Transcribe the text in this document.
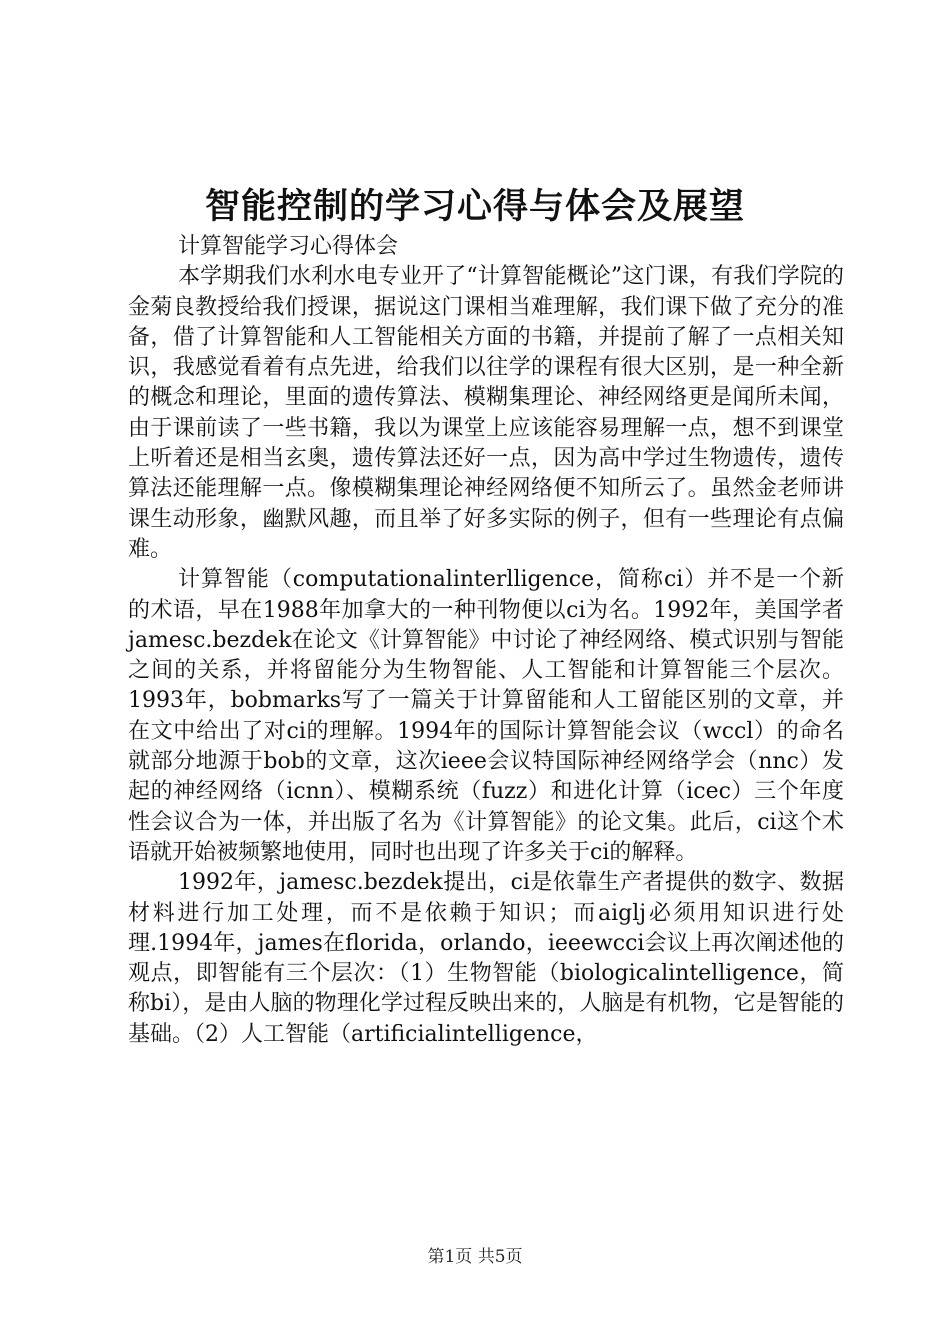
智能控制的学习心得与体会及展望

计算智能学习心得体会

本学期我们水利水电专业开了“计算智能概论”这门课，有我们学院的金菊良教授给我们授课，据说这门课相当难理解，我们课下做了充分的准备，借了计算智能和人工智能相关方面的书籍，并提前了解了一点相关知识，我感觉看着有点先进，给我们以往学的课程有很大区别，是一种全新的概念和理论，里面的遗传算法、模糊集理论、神经网络更是闻所未闻，由于课前读了一些书籍，我以为课堂上应该能容易理解一点，想不到课堂上听着还是相当玄奥，遗传算法还好一点，因为高中学过生物遗传，遗传算法还能理解一点。像模糊集理论神经网络便不知所云了。虽然金老师讲课生动形象，幽默风趣，而且举了好多实际的例子，但有一些理论有点偏难。

计算智能（computationalinterlligence，简称ci）并不是一个新的术语，早在1988年加拿大的一种刊物便以ci为名。1992年，美国学者jamesc.bezdek在论文《计算智能》中讨论了神经网络、模式识别与智能之间的关系，并将留能分为生物智能、人工智能和计算智能三个层次。1993年，bobmarks写了一篇关于计算留能和人工留能区别的文章，并在文中给出了对ci的理解。1994年的国际计算智能会议（wccl）的命名就部分地源于bob的文章，这次ieee会议特国际神经网络学会（nnc）发起的神经网络（icnn）、模糊系统（fuzz）和进化计算（icec）三个年度性会议合为一体，并出版了名为《计算智能》的论文集。此后，ci这个术语就开始被频繁地使用，同时也出现了许多关于ci的解释。

1992年，jamesc.bezdek提出，ci是依靠生产者提供的数字、数据材料进行加工处理，而不是依赖于知识；而aiglj必须用知识进行处理.1994年，james在florida，orlando，ieeewcci会议上再次阐述他的观点，即智能有三个层次：（1）生物智能（biologicalintelligence，简称bi），是由人脑的物理化学过程反映出来的，人脑是有机物，它是智能的基础。（2）人工智能（artificialintelligence，

第1页 共5页
